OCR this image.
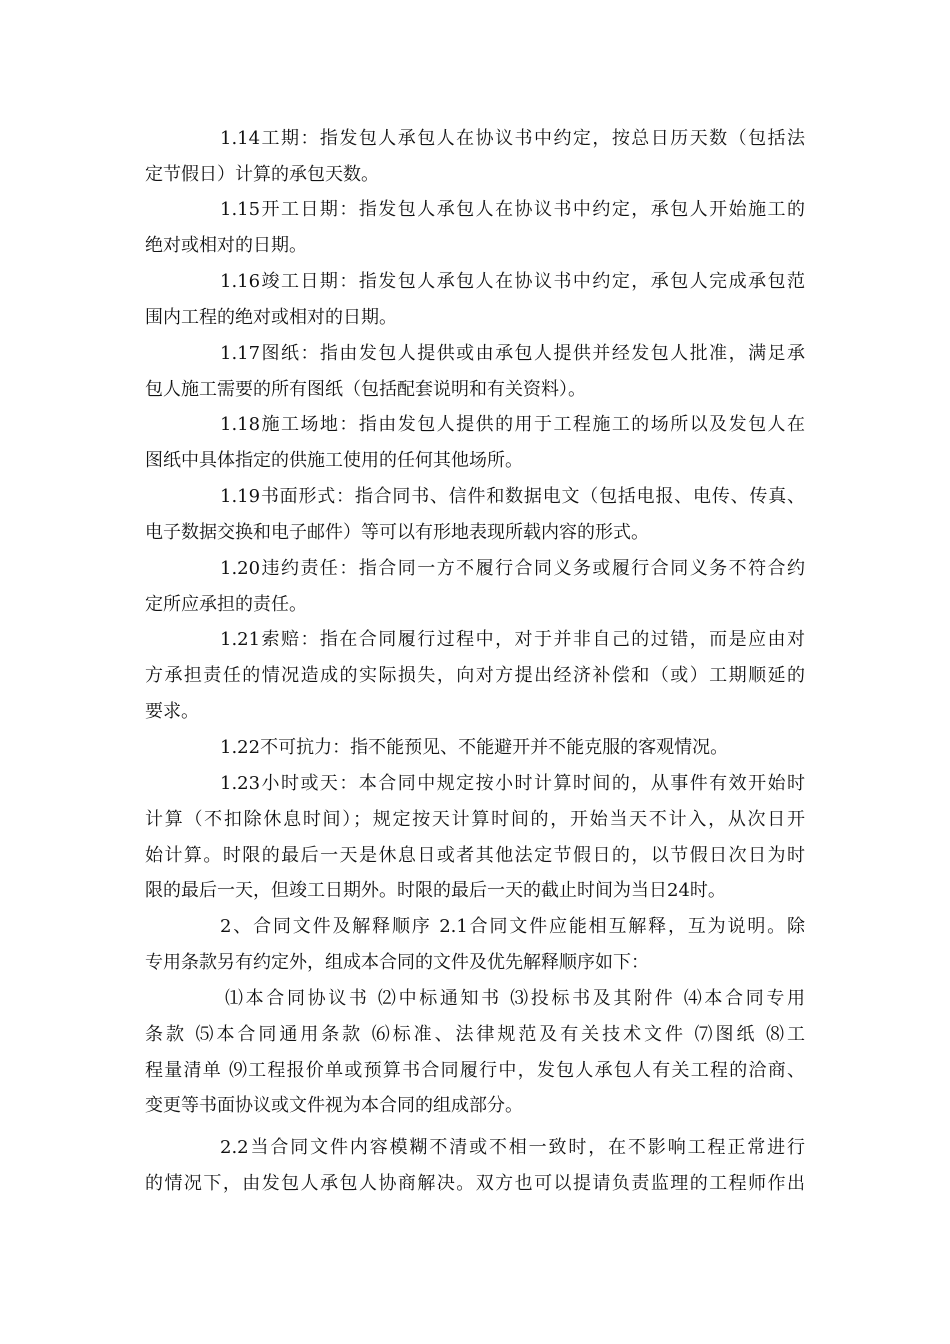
1.14工期：指发包人承包人在协议书中约定，按总日历天数（包括法
定节假日）计算的承包天数。
1.15开工日期：指发包人承包人在协议书中约定，承包人开始施工的
绝对或相对的日期。
1.16竣工日期：指发包人承包人在协议书中约定，承包人完成承包范
围内工程的绝对或相对的日期。
1.17图纸：指由发包人提供或由承包人提供并经发包人批准，满足承
包人施工需要的所有图纸（包括配套说明和有关资料）。
1.18施工场地：指由发包人提供的用于工程施工的场所以及发包人在
图纸中具体指定的供施工使用的任何其他场所。
1.19书面形式：指合同书、信件和数据电文（包括电报、电传、传真、
电子数据交换和电子邮件）等可以有形地表现所载内容的形式。
1.20违约责任：指合同一方不履行合同义务或履行合同义务不符合约
定所应承担的责任。
1.21索赔：指在合同履行过程中，对于并非自己的过错，而是应由对
方承担责任的情况造成的实际损失，向对方提出经济补偿和（或）工期顺延的
要求。
1.22不可抗力：指不能预见、不能避开并不能克服的客观情况。
1.23小时或天：本合同中规定按小时计算时间的，从事件有效开始时
计算（不扣除休息时间）；规定按天计算时间的，开始当天不计入，从次日开
始计算。时限的最后一天是休息日或者其他法定节假日的，以节假日次日为时
限的最后一天，但竣工日期外。时限的最后一天的截止时间为当日24时。
2、合同文件及解释顺序 2.1合同文件应能相互解释，互为说明。除
专用条款另有约定外，组成本合同的文件及优先解释顺序如下：
⑴本合同协议书 ⑵中标通知书 ⑶投标书及其附件 ⑷本合同专用
条款 ⑸本合同通用条款 ⑹标准、法律规范及有关技术文件 ⑺图纸 ⑻工
程量清单 ⑼工程报价单或预算书合同履行中，发包人承包人有关工程的洽商、
变更等书面协议或文件视为本合同的组成部分。
2.2当合同文件内容模糊不清或不相一致时，在不影响工程正常进行
的情况下，由发包人承包人协商解决。双方也可以提请负责监理的工程师作出
